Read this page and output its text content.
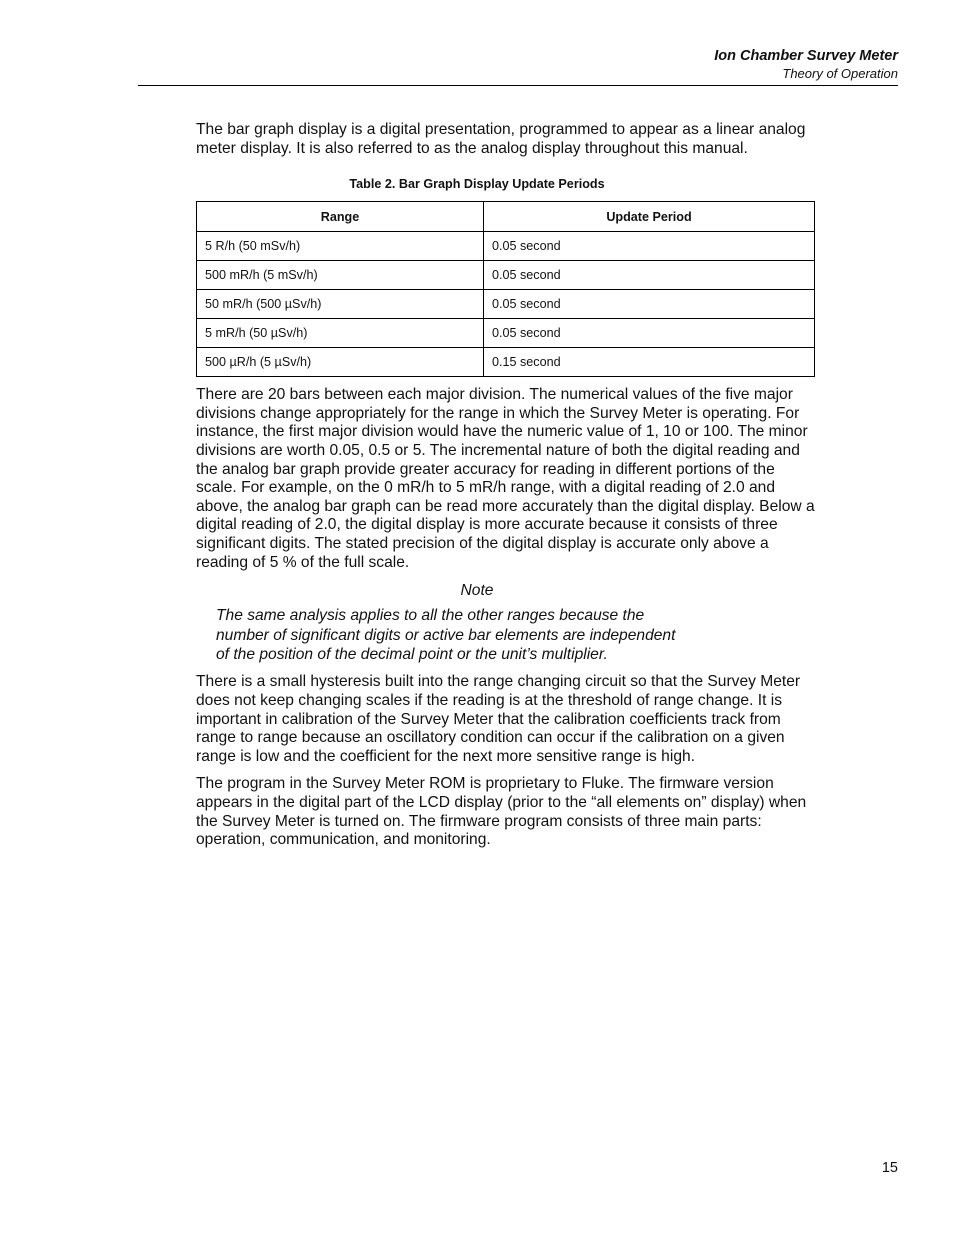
Ion Chamber Survey Meter
Theory of Operation

The bar graph display is a digital presentation, programmed to appear as a linear analog meter display. It is also referred to as the analog display throughout this manual.

Table 2. Bar Graph Display Update Periods
Range	Update Period
5 R/h (50 mSv/h)	0.05 second
500 mR/h (5 mSv/h)	0.05 second
50 mR/h (500 µSv/h)	0.05 second
5 mR/h (50 µSv/h)	0.05 second
500 µR/h (5 µSv/h)	0.15 second

There are 20 bars between each major division. The numerical values of the five major divisions change appropriately for the range in which the Survey Meter is operating. For instance, the first major division would have the numeric value of 1, 10 or 100. The minor divisions are worth 0.05, 0.5 or 5. The incremental nature of both the digital reading and the analog bar graph provide greater accuracy for reading in different portions of the scale. For example, on the 0 mR/h to 5 mR/h range, with a digital reading of 2.0 and above, the analog bar graph can be read more accurately than the digital display. Below a digital reading of 2.0, the digital display is more accurate because it consists of three significant digits. The stated precision of the digital display is accurate only above a reading of 5 % of the full scale.

Note
The same analysis applies to all the other ranges because the
number of significant digits or active bar elements are independent
of the position of the decimal point or the unit’s multiplier.

There is a small hysteresis built into the range changing circuit so that the Survey Meter does not keep changing scales if the reading is at the threshold of range change. It is important in calibration of the Survey Meter that the calibration coefficients track from range to range because an oscillatory condition can occur if the calibration on a given range is low and the coefficient for the next more sensitive range is high.

The program in the Survey Meter ROM is proprietary to Fluke. The firmware version appears in the digital part of the LCD display (prior to the “all elements on” display) when the Survey Meter is turned on. The firmware program consists of three main parts: operation, communication, and monitoring.

15
